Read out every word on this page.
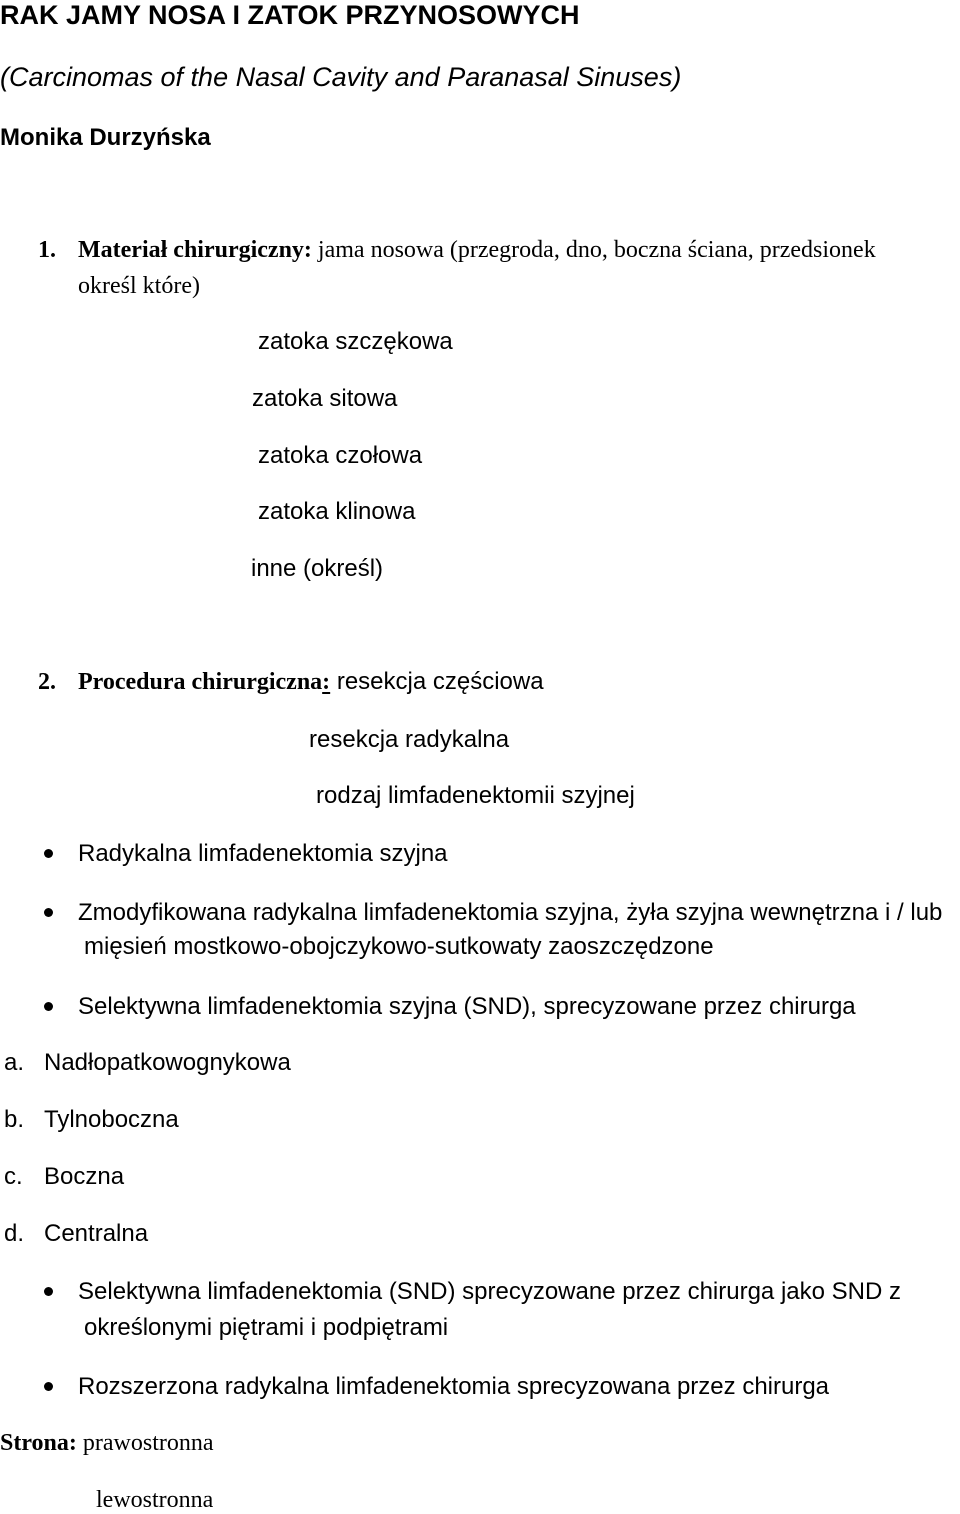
RAK JAMY NOSA I ZATOK PRZYNOSOWYCH
(Carcinomas of the Nasal Cavity and Paranasal Sinuses)
Monika Durzyńska
1. Materiał chirurgiczny: jama nosowa (przegroda, dno, boczna ściana, przedsionek
określ które)
zatoka szczękowa
zatoka sitowa
zatoka czołowa
zatoka klinowa
inne (określ)
2. Procedura chirurgiczna: resekcja częściowa
resekcja radykalna
rodzaj limfadenektomii szyjnej
Radykalna limfadenektomia szyjna
Zmodyfikowana radykalna limfadenektomia szyjna, żyła szyjna wewnętrzna i / lub
mięsień mostkowo-obojczykowo-sutkowaty zaoszczędzone
Selektywna limfadenektomia szyjna (SND), sprecyzowane przez chirurga
a. Nadłopatkowognykowa
b. Tylnoboczna
c. Boczna
d. Centralna
Selektywna limfadenektomia (SND) sprecyzowane przez chirurga jako SND z
określonymi piętrami i podpiętrami
Rozszerzona radykalna limfadenektomia sprecyzowana przez chirurga
Strona: prawostronna
lewostronna
